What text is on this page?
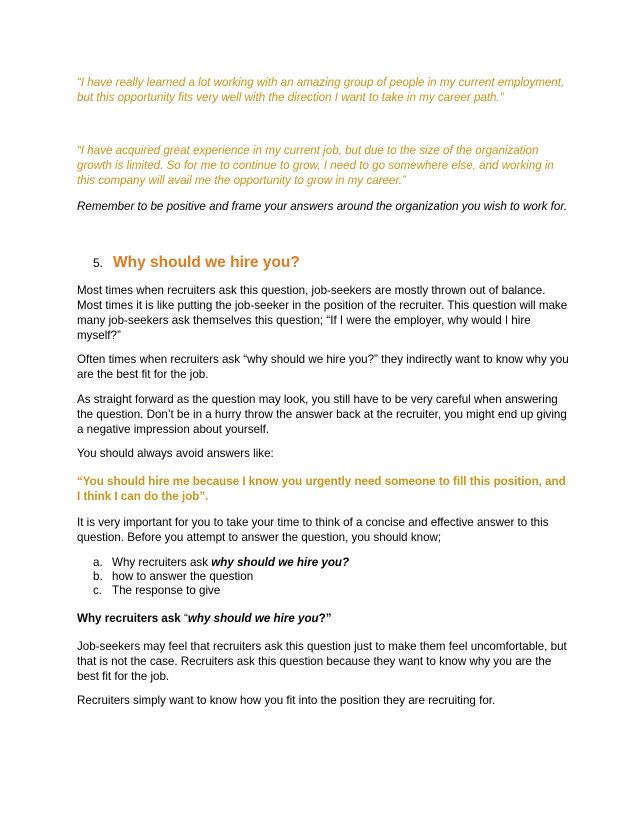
“I have really learned a lot working with an amazing group of people in my current employment, but this opportunity fits very well with the direction I want to take in my career path.”

“I have acquired great experience in my current job, but due to the size of the organization growth is limited. So for me to continue to grow, I need to go somewhere else, and working in this company will avail me the opportunity to grow in my career.”

Remember to be positive and frame your answers around the organization you wish to work for.

5. Why should we hire you?

Most times when recruiters ask this question, job-seekers are mostly thrown out of balance. Most times it is like putting the job-seeker in the position of the recruiter. This question will make many job-seekers ask themselves this question; “If I were the employer, why would I hire myself?”

Often times when recruiters ask “why should we hire you?” they indirectly want to know why you are the best fit for the job.

As straight forward as the question may look, you still have to be very careful when answering the question. Don’t be in a hurry throw the answer back at the recruiter, you might end up giving a negative impression about yourself.

You should always avoid answers like:

“You should hire me because I know you urgently need someone to fill this position, and I think I can do the job”.

It is very important for you to take your time to think of a concise and effective answer to this question. Before you attempt to answer the question, you should know;

a. Why recruiters ask why should we hire you?
b. how to answer the question
c. The response to give

Why recruiters ask “why should we hire you?”

Job-seekers may feel that recruiters ask this question just to make them feel uncomfortable, but that is not the case. Recruiters ask this question because they want to know why you are the best fit for the job.

Recruiters simply want to know how you fit into the position they are recruiting for.
